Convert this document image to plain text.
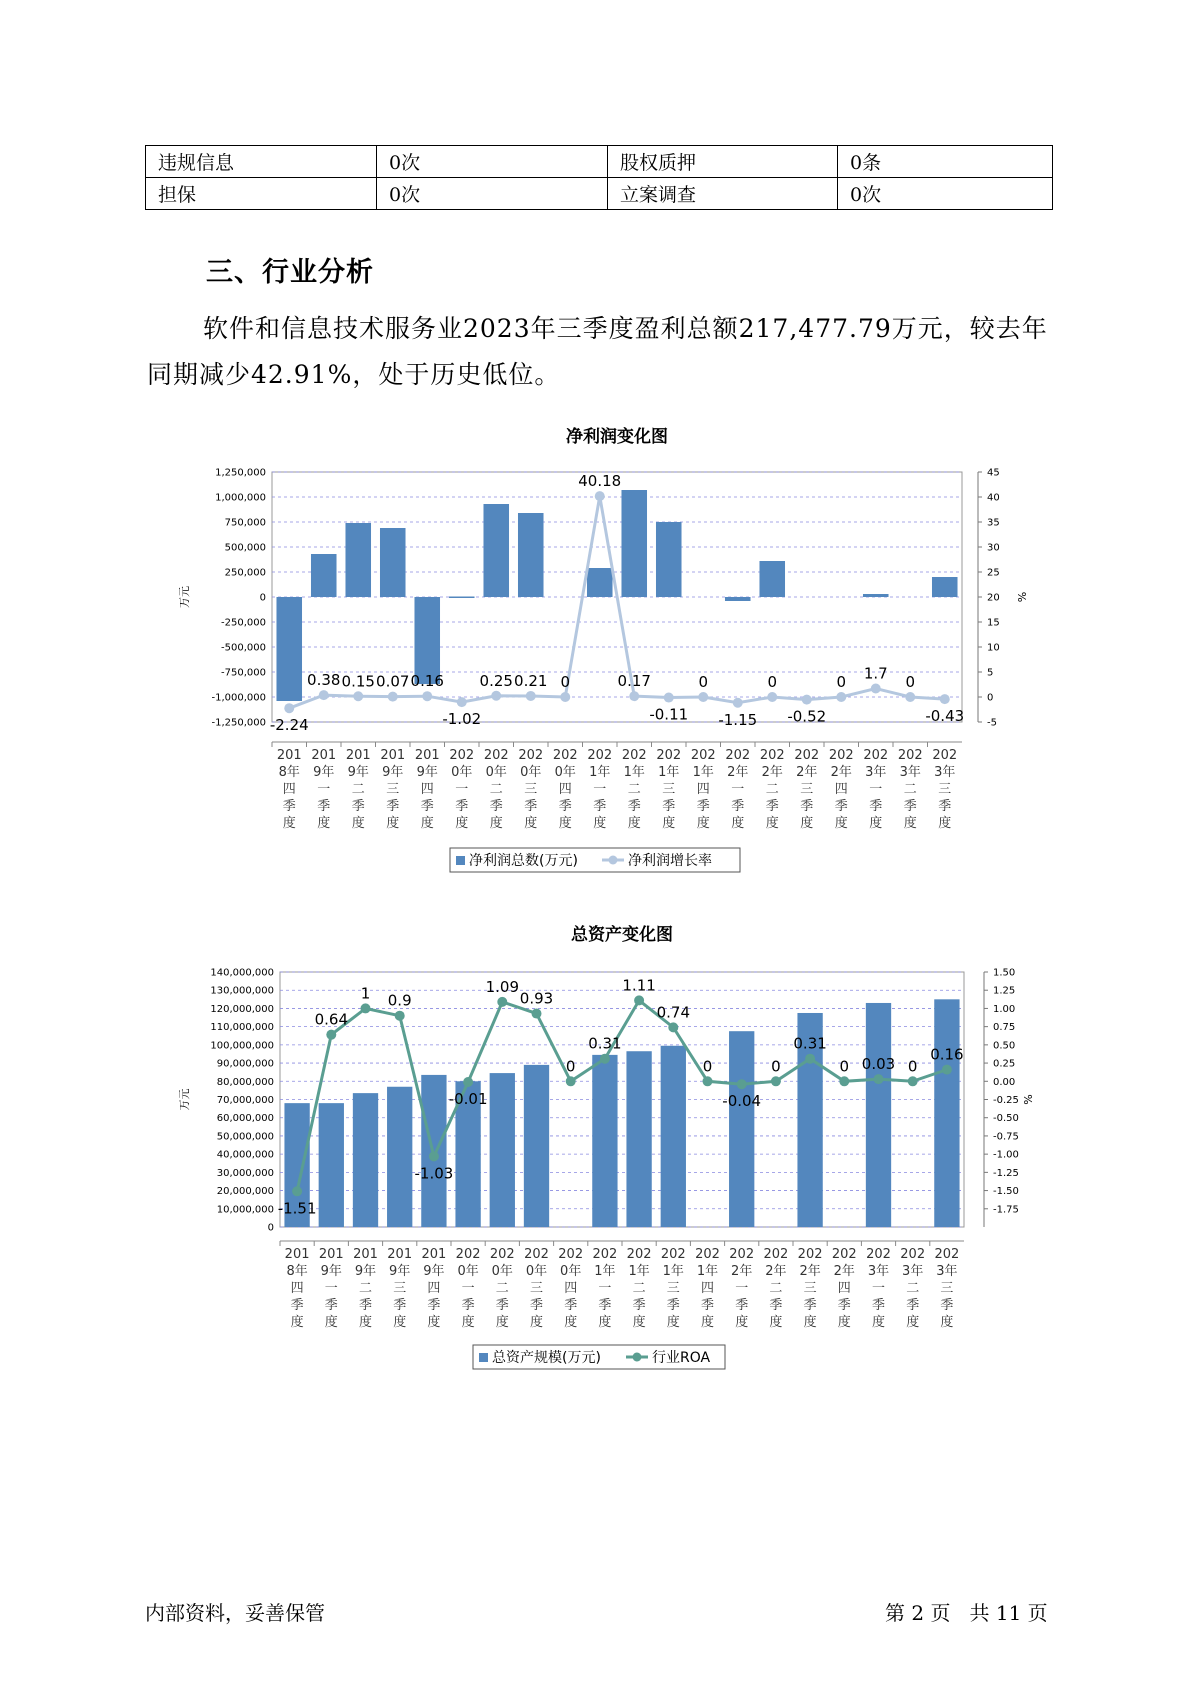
违规信息	0次	股权质押	0条
担保	0次	立案调查	0次
三、行业分析

软件和信息技术服务业2023年三季度盈利总额217,477.79万元，较去年同期减少42.91%，处于历史低位。

净利润变化图
1,250,000
1,000,000
750,000
500,000
250,000
0
-250,000
-500,000
-750,000
-1,000,000
-1,250,000
45
40
35
30
25
20
15
10
5
0
-5
万元	%
-2.24
0.38 0.15 0.07 0.16
-1.02
0.25 0.21 0
40.18
0.17
-0.11
0
-1.15
0
-0.52
0 1.7 0
-0.43
201
8年
四
季
度
201
9年
一
季
度
201
9年
二
季
度
201
9年
三
季
度
201
9年
四
季
度
202
0年
一
季
度
202
0年
二
季
度
202
0年
三
季
度
202
0年
四
季
度
202
1年
一
季
度
202
1年
二
季
度
202
1年
三
季
度
202
1年
四
季
度
202
2年
一
季
度
202
2年
二
季
度
202
2年
三
季
度
202
2年
四
季
度
202
3年
一
季
度
202
3年
二
季
度
202
3年
三
季
度
净利润总数(万元)	净利润增长率
总资产变化图
140,000,000
130,000,000
120,000,000
110,000,000
100,000,000
90,000,000
80,000,000
70,000,000
60,000,000
50,000,000
40,000,000
30,000,000
20,000,000
10,000,000
0
1.50
1.25
1.00
0.75
0.50
0.25
0.00
-0.25
-0.50
-0.75
-1.00
-1.25
-1.50
-1.75
万元	%
-1.51
0.64
1 0.9
-1.03
-0.01
1.09
0.93
0
0.31
1.11
0.74
0
-0.04
0
0.31
0 0.03 0
0.16
201
8年
四
季
度
201
9年
一
季
度
201
9年
二
季
度
201
9年
三
季
度
201
9年
四
季
度
202
0年
一
季
度
202
0年
二
季
度
202
0年
三
季
度
202
0年
四
季
度
202
1年
一
季
度
202
1年
二
季
度
202
1年
三
季
度
202
1年
四
季
度
202
2年
一
季
度
202
2年
二
季
度
202
2年
三
季
度
202
2年
四
季
度
202
3年
一
季
度
202
3年
二
季
度
202
3年
三
季
度
总资产规模(万元)	行业ROA
内部资料，妥善保管	第 2 页   共 11 页
